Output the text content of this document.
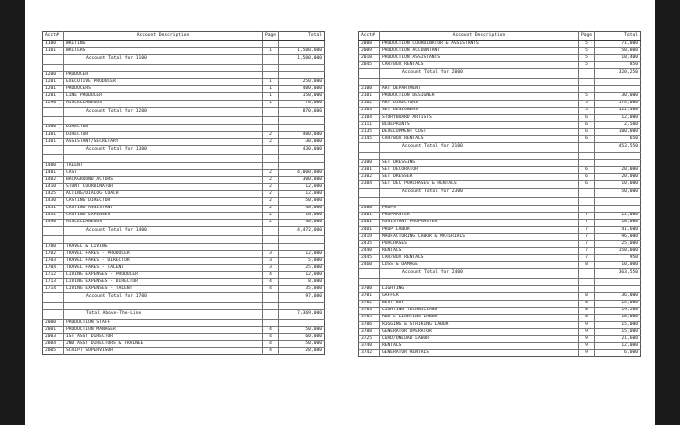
Acct#	Account Description	Page	Total
1100	WRITING		
1101	WRITERS	1	1,500,000
	Account Total for 1100		1,500,000

1200	PRODUCER		
1201	EXECUTIVE PRODUCER	1	250,000
1201	PRODUCERS	1	400,000
1201	LINE PRODUCER	1	150,000
1290	MISCELLANEOUS	1	70,000
	Account Total for 1200		870,000

1300	DIRECTOR		
1301	DIRECTOR	2	400,000
1301	ASSISTANT/SECRETARY	2	30,000
	Account Total for 1300		430,000

1400	TALENT		
1401	CAST	2	4,000,000
1402	BACKGROUND ACTORS	2	300,000
1410	STUNT COORDINATOR	2	12,000
1425	ACTING/DIALOG COACH	2	12,000
1430	CASTING DIRECTOR	2	50,000
1431	CASTING ASSISTANT	2	48,000
1432	CASTING EXPENSES	2	10,000
1490	MISCELLANEOUS	2	40,000
	Account Total for 1400		4,472,000

1700	TRAVEL & LIVING		
1702	TRAVEL FARES - PRODUCER	3	12,000
1703	TRAVEL FARES - DIRECTOR	3	5,000
1704	TRAVEL FARES - TALENT	3	25,000
1712	LIVING EXPENSES - PRODUCER	4	12,000
1713	LIVING EXPENSES - DIRECTOR	4	8,000
1714	LIVING EXPENSES - TALENT	4	35,000
	Account Total for 1700		97,000

	Total Above-The-Line		7,369,000
2000	PRODUCTION STAFF		
2001	PRODUCTION MANAGER	4	50,000
2003	1ST ASST DIRECTOR	4	60,000
2004	2ND ASST DIRECTORS & TRAINEE	4	50,000
2005	SCRIPT SUPERVISOR	4	28,000
Acct#	Account Description	Page	Total
2008	PRODUCTION COORDINATOR & ASSISTANTS	5	71,000
2009	PRODUCTION ACCOUNTANT	5	50,000
2010	PRODUCTION ASSISTANTS	5	10,400
2045	CAR/BOX RENTALS	5	850
	Account Total for 2000		320,250

2100	ART DEPARTMENT		
2101	PRODUCTION DESIGNER	5	30,000
2102	ART DIRECTORS	5	174,000
2103	SET DESIGNERS	5	122,400
2104	STORYBOARD ARTISTS	6	12,000
2111	BLUEPRINTS	6	2,500
2135	DEVELOPMENT COST	6	100,000
2145	CAR/BOX RENTALS	6	650
	Account Total for 2100		453,550

2300	SET DRESSING		
2301	SET DECORATOR	6	20,000
2302	SET DRESSER	6	20,000
2304	SET DEC PURCHASES & RENTALS	6	10,000
	Account Total for 2300		50,000

2400	PROPS		
2401	PROPMASTER	7	22,000
2401	ASSISTANT PROPMASTER	7	18,000
2401	PROP LABOR	7	41,600
2419	MAUFACTURING LABOR & MATERIALS	7	96,000
2435	PURCHASES	7	25,000
2440	RENTALS	7	150,000
2445	CAR/BOX RENTALS	7	950
2460	LOSS & DAMAGE	8	10,000
	Account Total for 2400		363,550

3700	LIGHTING		
3701	GAFFER	8	36,000
3702	BEST BOY	8	24,000
3703	LIGHTING TECHNICIANS	8	19,200
3705	ADD'L LIGHTING LABOR	8	18,000
3706	RIGGING & STRIKING LABOR	9	15,000
3708	GENERATOR OPERATOR	9	15,000
3725	LOAD/UNLOAD LABOR	9	21,600
3740	RENTALS	9	12,000
3742	GENERATOR RENTALS	9	6,000
